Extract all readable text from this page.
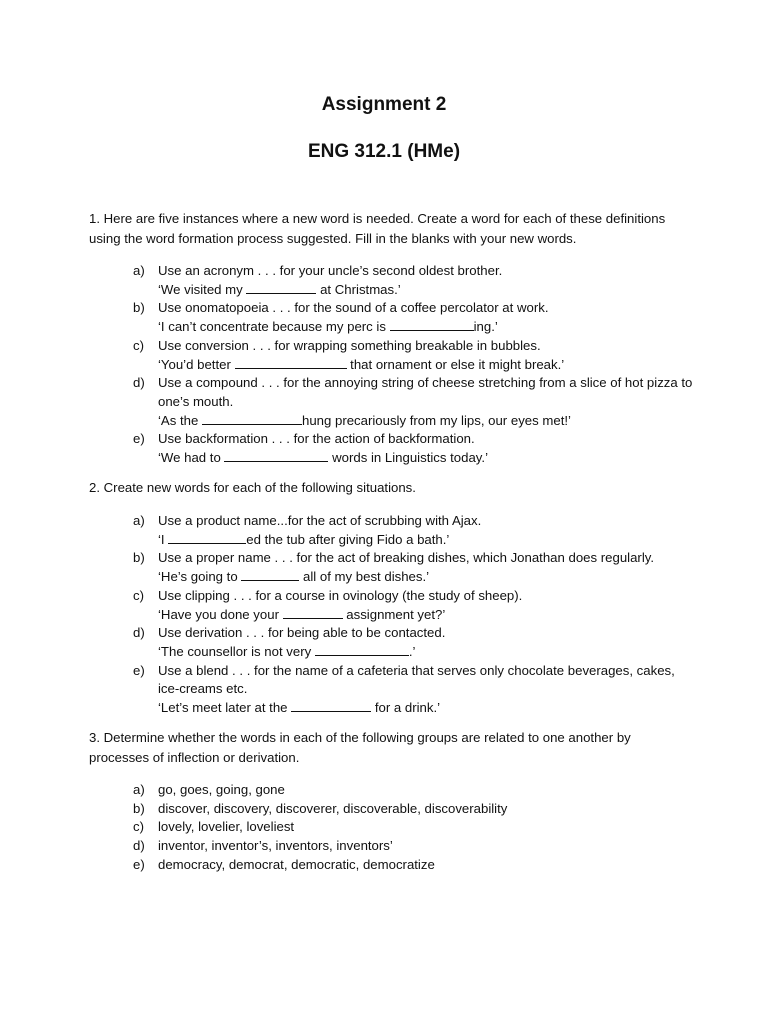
Assignment 2
ENG 312.1 (HMe)
1. Here are five instances where a new word is needed. Create a word for each of these definitions using the word formation process suggested. Fill in the blanks with your new words.
a) Use an acronym . . . for your uncle’s second oldest brother.
‘We visited my	at Christmas.’
b) Use onomatopoeia . . . for the sound of a coffee percolator at work.
‘I can’t concentrate because my perc is	ing.’
c) Use conversion . . . for wrapping something breakable in bubbles.
‘You’d better	that ornament or else it might break.’
d) Use a compound . . . for the annoying string of cheese stretching from a slice of hot pizza to one’s mouth.
‘As the	hung precariously from my lips, our eyes met!’
e) Use backformation . . . for the action of backformation.
‘We had to	words in Linguistics today.’
2. Create new words for each of the following situations.
a) Use a product name...for the act of scrubbing with Ajax.
‘I	ed the tub after giving Fido a bath.’
b) Use a proper name . . . for the act of breaking dishes, which Jonathan does regularly.
‘He’s going to	all of my best dishes.’
c) Use clipping . . . for a course in ovinology (the study of sheep).
‘Have you done your	assignment yet?’
d) Use derivation . . . for being able to be contacted.
‘The counsellor is not very	.’
e) Use a blend . . . for the name of a cafeteria that serves only chocolate beverages, cakes, ice-creams etc.
‘Let’s meet later at the	for a drink.’
3. Determine whether the words in each of the following groups are related to one another by processes of inflection or derivation.
a) go, goes, going, gone
b) discover, discovery, discoverer, discoverable, discoverability
c) lovely, lovelier, loveliest
d) inventor, inventor’s, inventors, inventors’
e) democracy, democrat, democratic, democratize
